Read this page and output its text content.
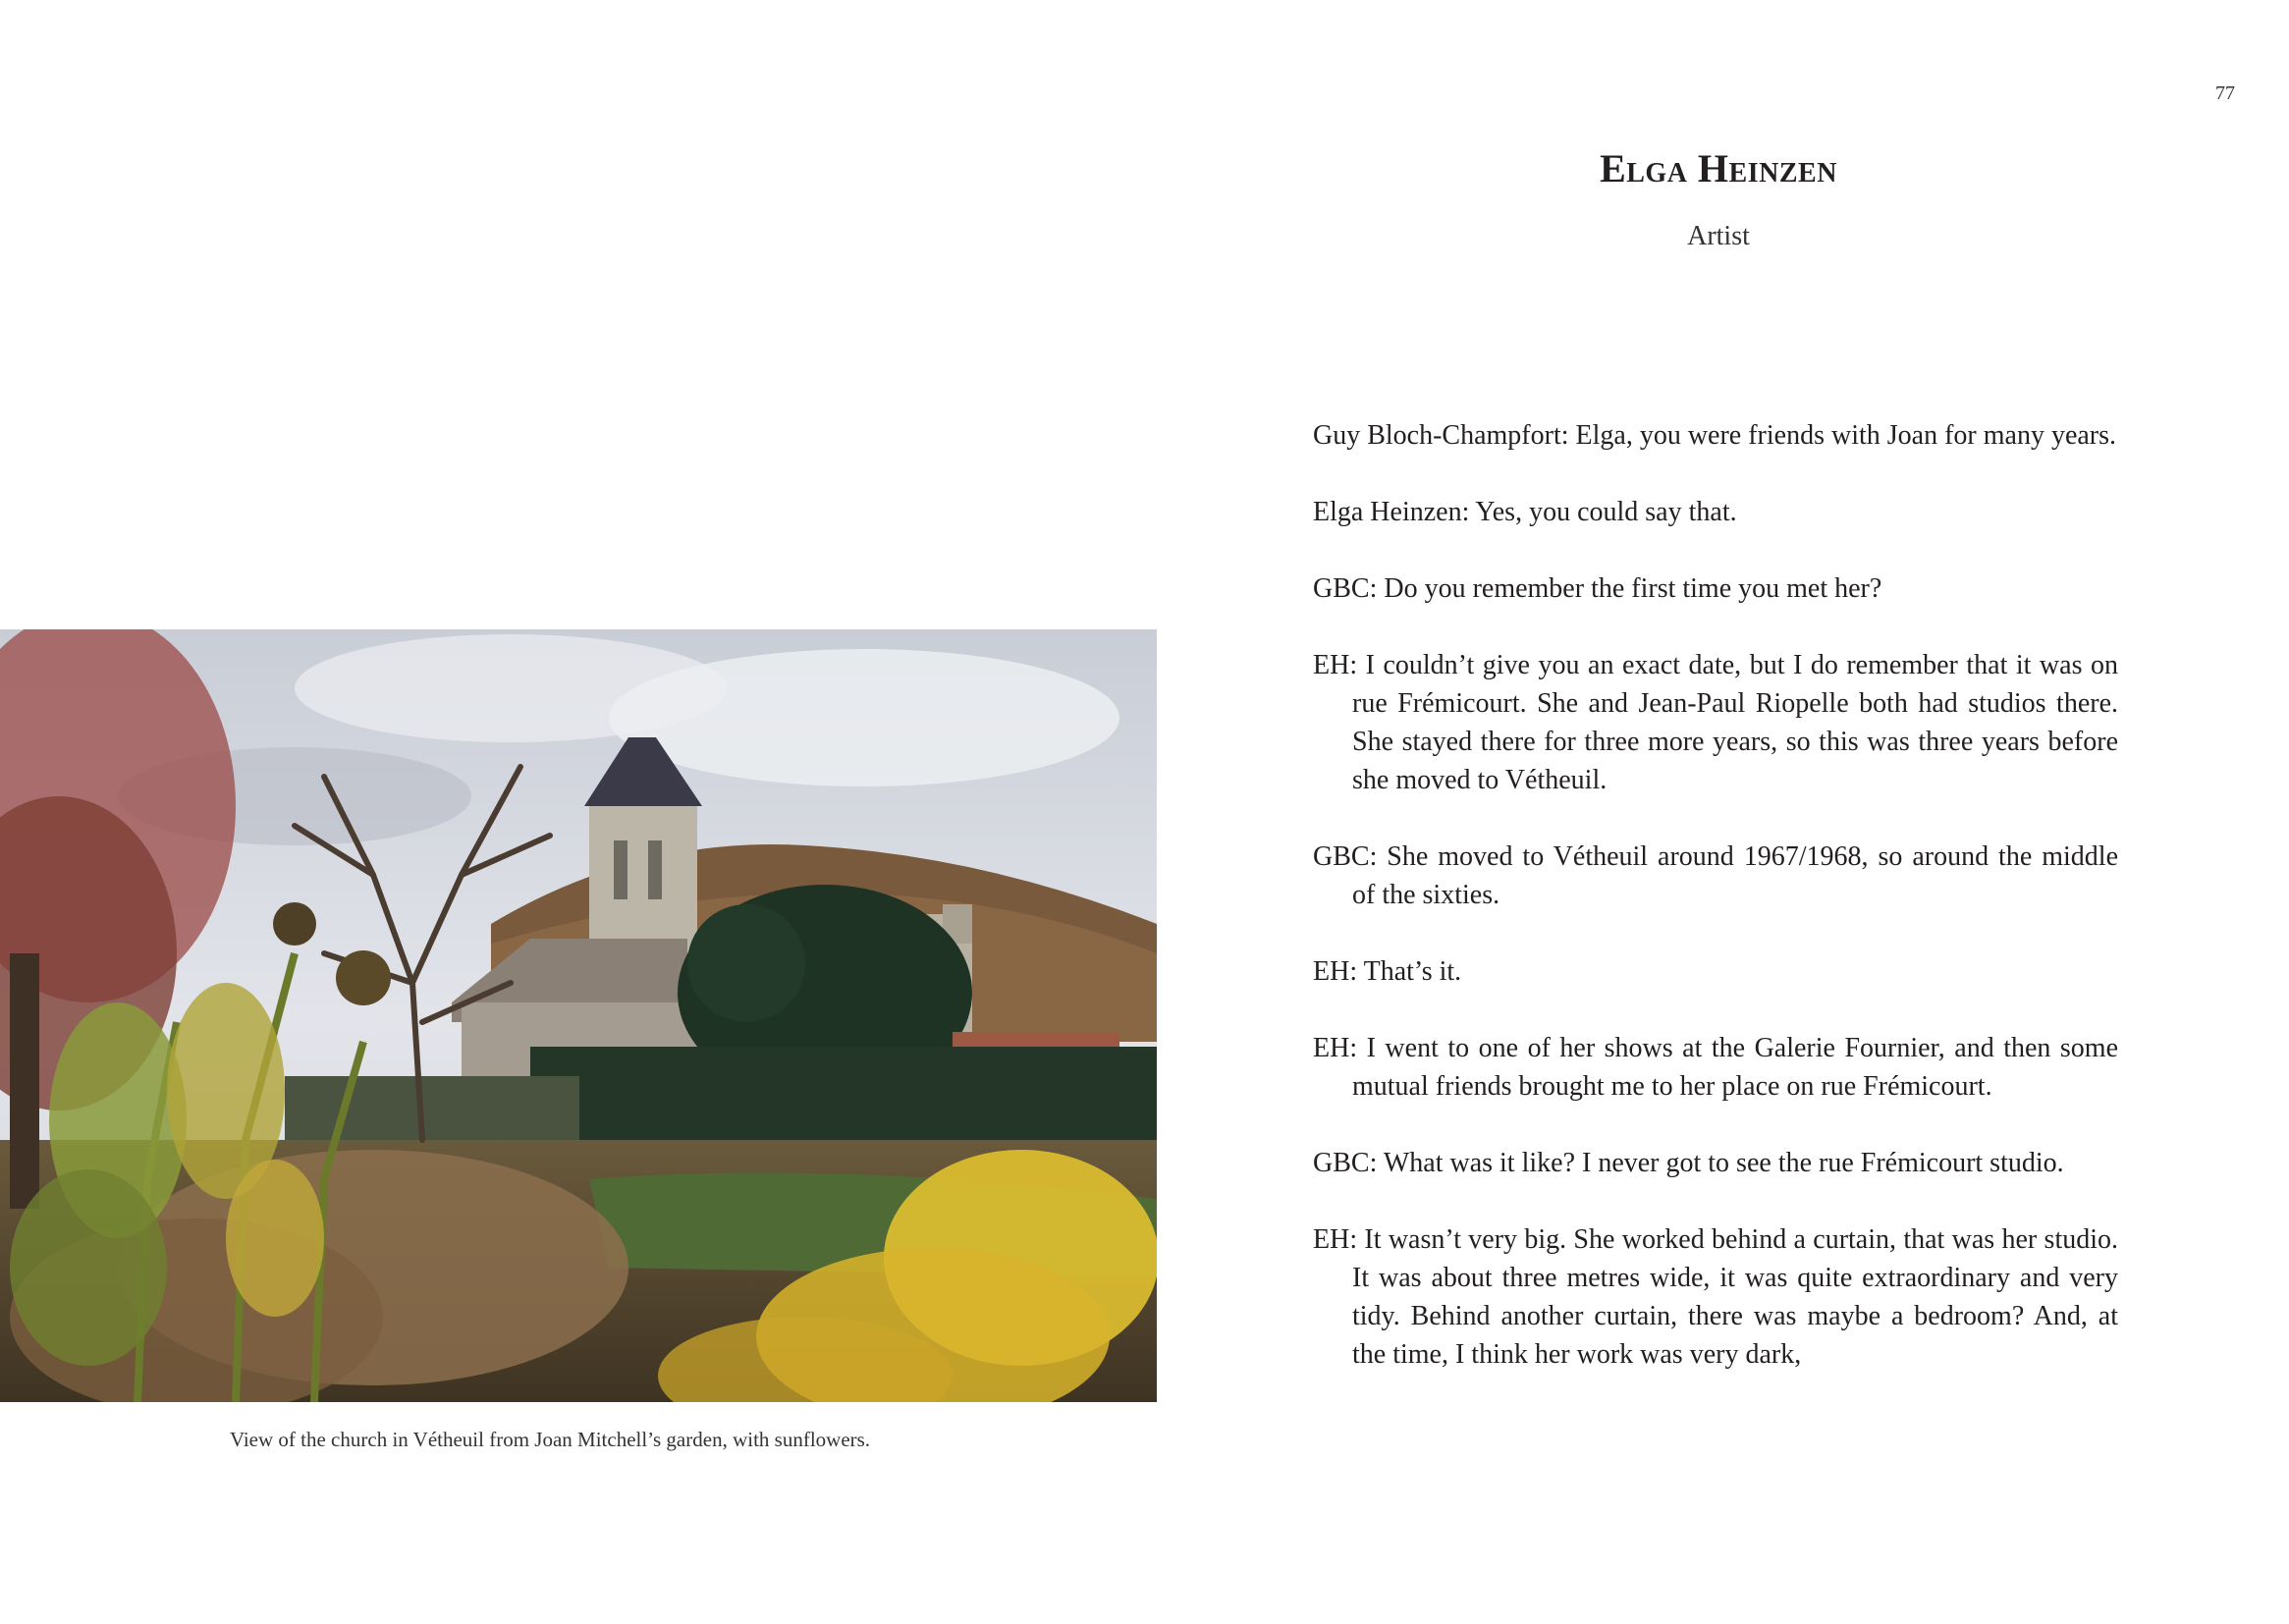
77
Elga Heinzen
Artist

Guy Bloch-Champfort: Elga, you were friends with Joan for many years.

Elga Heinzen: Yes, you could say that.

GBC: Do you remember the first time you met her?

EH: I couldn’t give you an exact date, but I do remember that it was on rue Frémicourt. She and Jean-Paul Riopelle both had studios there. She stayed there for three more years, so this was three years before she moved to Vétheuil.

GBC: She moved to Vétheuil around 1967/1968, so around the middle of the sixties.

EH: That’s it.

EH: I went to one of her shows at the Galerie Fournier, and then some mutual friends brought me to her place on rue Frémicourt.

GBC: What was it like? I never got to see the rue Frémicourt studio.

EH: It wasn’t very big. She worked behind a curtain, that was her studio. It was about three metres wide, it was quite extraordinary and very tidy. Behind another curtain, there was maybe a bedroom? And, at the time, I think her work was very dark,

View of the church in Vétheuil from Joan Mitchell’s garden, with sunflowers.
